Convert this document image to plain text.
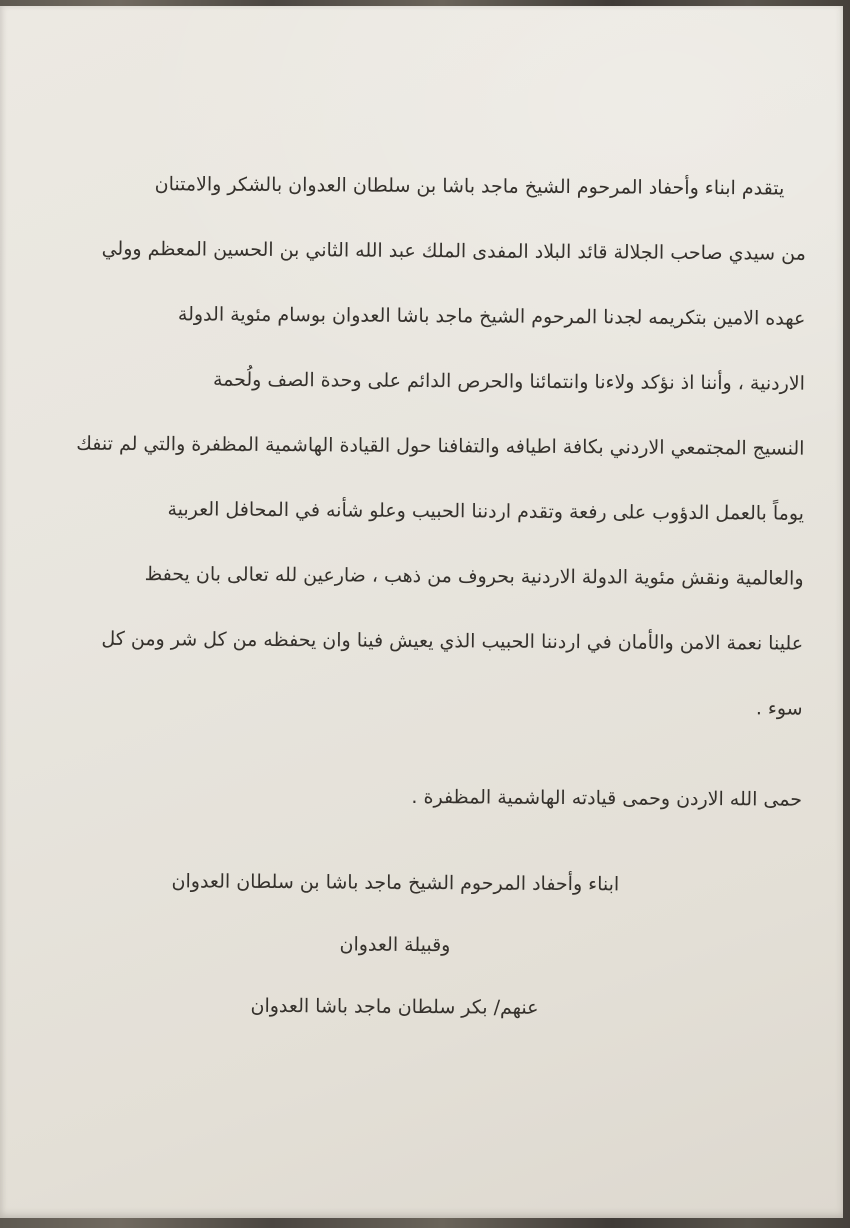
يتقدم ابناء وأحفاد المرحوم الشيخ ماجد باشا بن سلطان العدوان بالشكر والامتنان
من سيدي صاحب الجلالة قائد البلاد المفدى الملك عبد الله الثاني بن الحسين المعظم وولي
عهده الامين بتكريمه لجدنا المرحوم الشيخ ماجد باشا العدوان بوسام مئوية الدولة
الاردنية ، وأننا اذ نؤكد ولاءنا وانتمائنا والحرص الدائم على وحدة الصف ولُحمة
النسيج المجتمعي الاردني بكافة اطيافه والتفافنا حول القيادة الهاشمية المظفرة والتي لم تنفك
يوماً بالعمل الدؤوب على رفعة وتقدم اردننا الحبيب وعلو شأنه في المحافل العربية
والعالمية ونقش مئوية الدولة الاردنية بحروف من ذهب ، ضارعين لله تعالى بان يحفظ
علينا نعمة الامن والأمان في اردننا الحبيب الذي يعيش فينا وان يحفظه من كل شر ومن كل
سوء .
حمى الله الاردن وحمى قيادته الهاشمية المظفرة .
ابناء وأحفاد المرحوم الشيخ ماجد باشا بن سلطان العدوان
وقبيلة العدوان
عنهم/ بكر سلطان ماجد باشا العدوان
